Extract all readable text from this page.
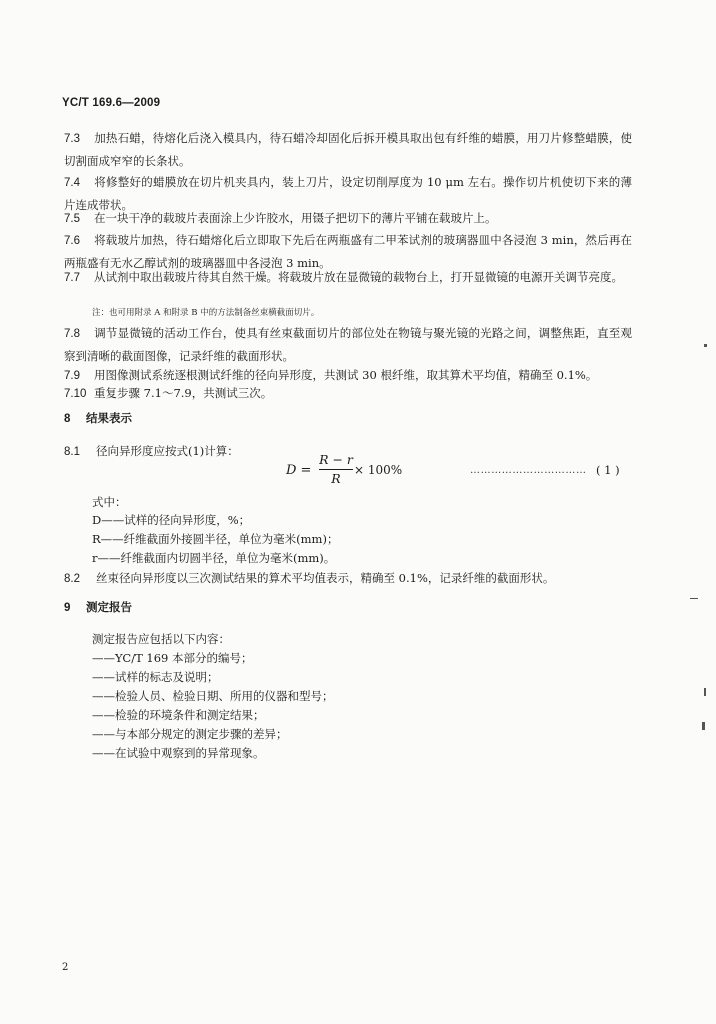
YC/T 169.6—2009
7.3 加热石蜡，待熔化后浇入模具内，待石蜡冷却固化后拆开模具取出包有纤维的蜡膜，用刀片修整蜡膜，使切割面成窄窄的长条状。
7.4 将修整好的蜡膜放在切片机夹具内，装上刀片，设定切削厚度为 10 μm 左右。操作切片机使切下来的薄片连成带状。
7.5 在一块干净的载玻片表面涂上少许胶水，用镊子把切下的薄片平铺在载玻片上。
7.6 将载玻片加热，待石蜡熔化后立即取下先后在两瓶盛有二甲苯试剂的玻璃器皿中各浸泡 3 min，然后再在两瓶盛有无水乙醇试剂的玻璃器皿中各浸泡 3 min。
7.7 从试剂中取出载玻片待其自然干燥。将载玻片放在显微镜的载物台上，打开显微镜的电源开关调节亮度。
注：也可用附录 A 和附录 B 中的方法制备丝束横截面切片。
7.8 调节显微镜的活动工作台，使具有丝束截面切片的部位处在物镜与聚光镜的光路之间，调整焦距，直至观察到清晰的截面图像，记录纤维的截面形状。
7.9 用图像测试系统逐根测试纤维的径向异形度，共测试 30 根纤维，取其算术平均值，精确至 0.1%。
7.10 重复步骤 7.1～7.9，共测试三次。
8 结果表示
8.1 径向异形度应按式(1)计算：
D =
R − r
R
× 100%	…………………………… ( 1 )
式中：
D——试样的径向异形度，%；
R——纤维截面外接圆半径，单位为毫米(mm)；
r——纤维截面内切圆半径，单位为毫米(mm)。
8.2 丝束径向异形度以三次测试结果的算术平均值表示，精确至 0.1%，记录纤维的截面形状。
9 测定报告
测定报告应包括以下内容：
——YC/T 169 本部分的编号；
——试样的标志及说明；
——检验人员、检验日期、所用的仪器和型号；
——检验的环境条件和测定结果；
——与本部分规定的测定步骤的差异；
——在试验中观察到的异常现象。
2
